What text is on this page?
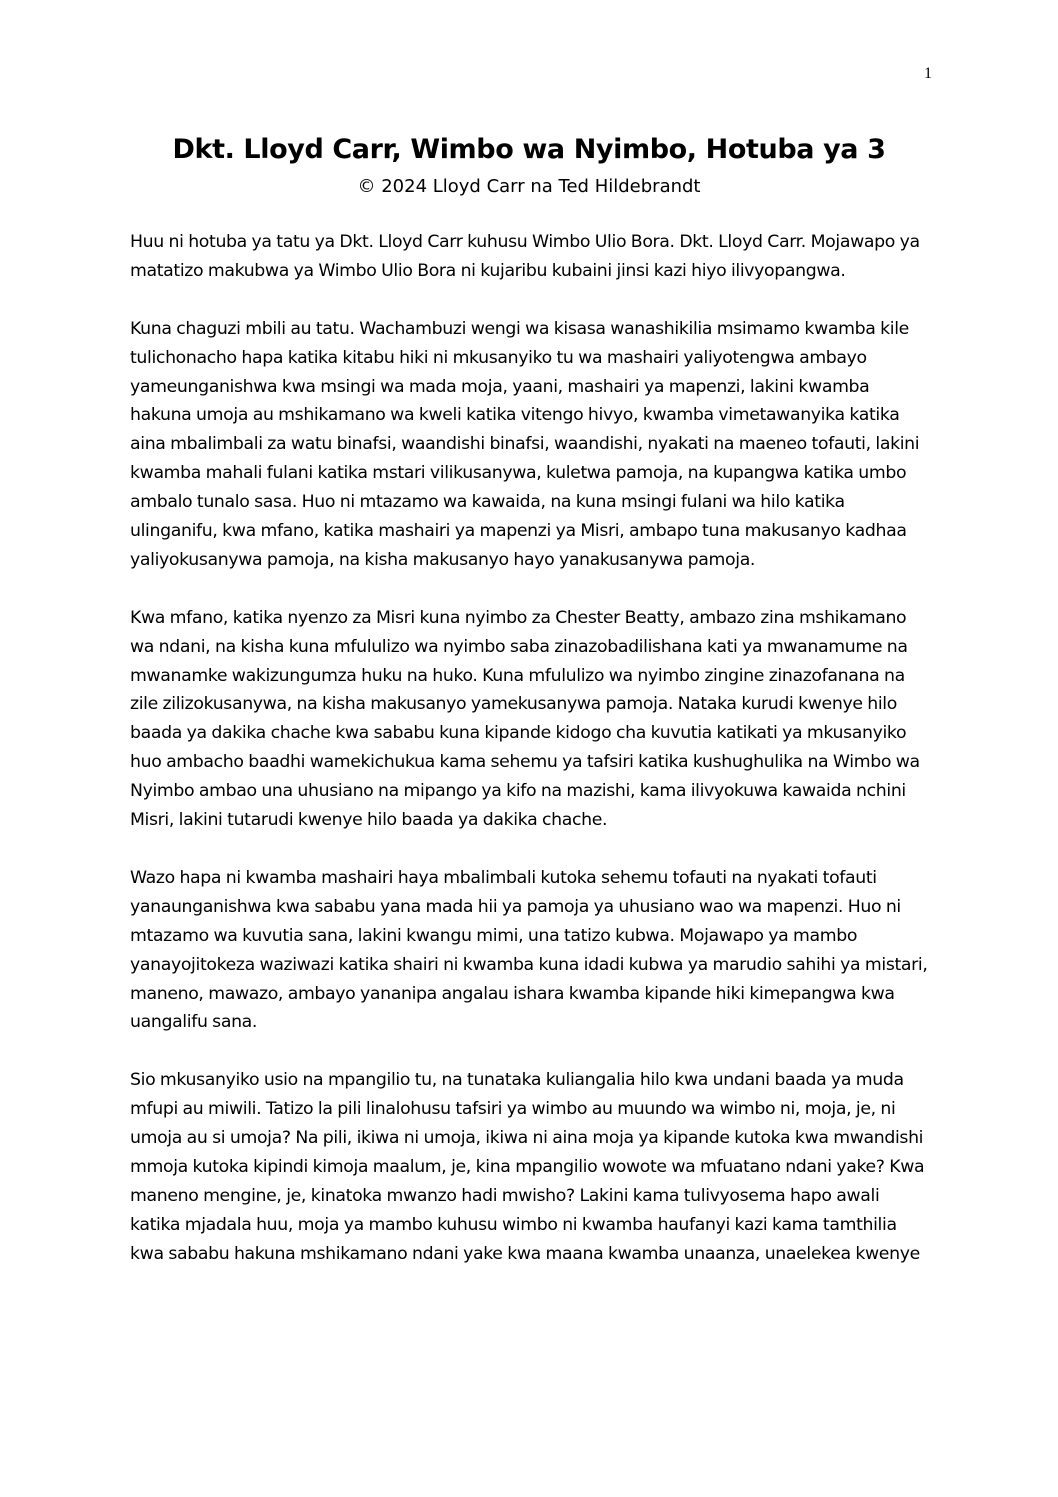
1
Dkt. Lloyd Carr, Wimbo wa Nyimbo, Hotuba ya 3
© 2024 Lloyd Carr na Ted Hildebrandt

Huu ni hotuba ya tatu ya Dkt. Lloyd Carr kuhusu Wimbo Ulio Bora. Dkt. Lloyd Carr. Mojawapo ya matatizo makubwa ya Wimbo Ulio Bora ni kujaribu kubaini jinsi kazi hiyo ilivyopangwa.

Kuna chaguzi mbili au tatu. Wachambuzi wengi wa kisasa wanashikilia msimamo kwamba kile tulichonacho hapa katika kitabu hiki ni mkusanyiko tu wa mashairi yaliyotengwa ambayo yameunganishwa kwa msingi wa mada moja, yaani, mashairi ya mapenzi, lakini kwamba hakuna umoja au mshikamano wa kweli katika vitengo hivyo, kwamba vimetawanyika katika aina mbalimbali za watu binafsi, waandishi binafsi, waandishi, nyakati na maeneo tofauti, lakini kwamba mahali fulani katika mstari vilikusanywa, kuletwa pamoja, na kupangwa katika umbo ambalo tunalo sasa. Huo ni mtazamo wa kawaida, na kuna msingi fulani wa hilo katika ulinganifu, kwa mfano, katika mashairi ya mapenzi ya Misri, ambapo tuna makusanyo kadhaa yaliyokusanywa pamoja, na kisha makusanyo hayo yanakusanywa pamoja.

Kwa mfano, katika nyenzo za Misri kuna nyimbo za Chester Beatty, ambazo zina mshikamano wa ndani, na kisha kuna mfululizo wa nyimbo saba zinazobadilishana kati ya mwanamume na mwanamke wakizungumza huku na huko. Kuna mfululizo wa nyimbo zingine zinazofanana na zile zilizokusanywa, na kisha makusanyo yamekusanywa pamoja. Nataka kurudi kwenye hilo baada ya dakika chache kwa sababu kuna kipande kidogo cha kuvutia katikati ya mkusanyiko huo ambacho baadhi wamekichukua kama sehemu ya tafsiri katika kushughulika na Wimbo wa Nyimbo ambao una uhusiano na mipango ya kifo na mazishi, kama ilivyokuwa kawaida nchini Misri, lakini tutarudi kwenye hilo baada ya dakika chache.

Wazo hapa ni kwamba mashairi haya mbalimbali kutoka sehemu tofauti na nyakati tofauti yanaunganishwa kwa sababu yana mada hii ya pamoja ya uhusiano wao wa mapenzi. Huo ni mtazamo wa kuvutia sana, lakini kwangu mimi, una tatizo kubwa. Mojawapo ya mambo yanayojitokeza waziwazi katika shairi ni kwamba kuna idadi kubwa ya marudio sahihi ya mistari, maneno, mawazo, ambayo yananipa angalau ishara kwamba kipande hiki kimepangwa kwa uangalifu sana.

Sio mkusanyiko usio na mpangilio tu, na tunataka kuliangalia hilo kwa undani baada ya muda mfupi au miwili. Tatizo la pili linalohusu tafsiri ya wimbo au muundo wa wimbo ni, moja, je, ni umoja au si umoja? Na pili, ikiwa ni umoja, ikiwa ni aina moja ya kipande kutoka kwa mwandishi mmoja kutoka kipindi kimoja maalum, je, kina mpangilio wowote wa mfuatano ndani yake? Kwa maneno mengine, je, kinatoka mwanzo hadi mwisho? Lakini kama tulivyosema hapo awali katika mjadala huu, moja ya mambo kuhusu wimbo ni kwamba haufanyi kazi kama tamthilia kwa sababu hakuna mshikamano ndani yake kwa maana kwamba unaanza, unaelekea kwenye
